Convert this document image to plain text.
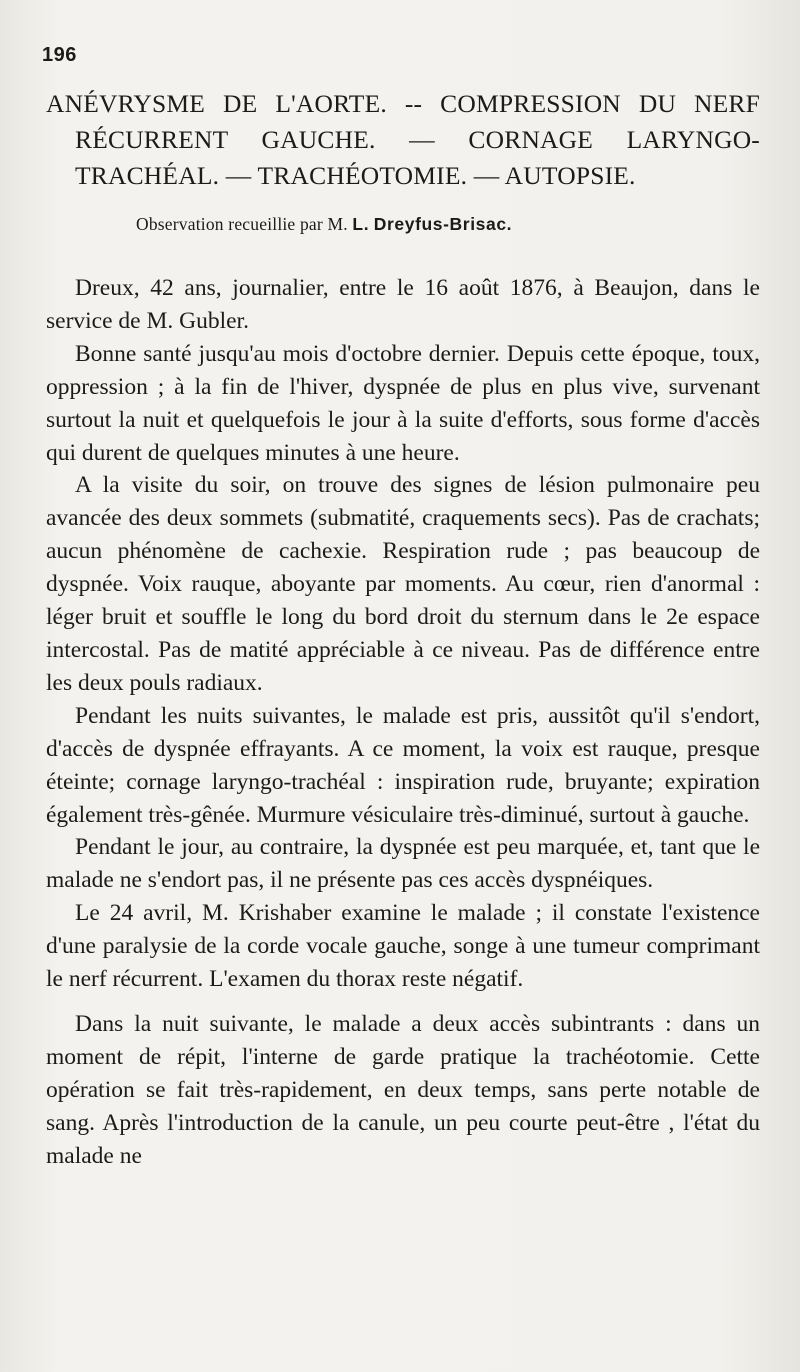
196
ANÉVRYSME DE L'AORTE. -- COMPRESSION DU NERF
RÉCURRENT GAUCHE. — CORNAGE LARYNGO-
TRACHÉAL. — TRACHÉOTOMIE. — AUTOPSIE.
Observation recueillie par M. L. Dreyfus-Brisac.

Dreux, 42 ans, journalier, entre le 16 août 1876, à Beaujon, dans le service de M. Gubler.

Bonne santé jusqu'au mois d'octobre dernier. Depuis cette époque, toux, oppression ; à la fin de l'hiver, dyspnée de plus en plus vive, survenant surtout la nuit et quelquefois le jour à la suite d'efforts, sous forme d'accès qui durent de quelques minutes à une heure.

A la visite du soir, on trouve des signes de lésion pulmonaire peu avancée des deux sommets (submatité, craquements secs). Pas de crachats; aucun phénomène de cachexie. Respiration rude ; pas beaucoup de dyspnée. Voix rauque, aboyante par moments. Au cœur, rien d'anormal : léger bruit et souffle le long du bord droit du sternum dans le 2e espace intercostal. Pas de matité appréciable à ce niveau. Pas de différence entre les deux pouls radiaux.

Pendant les nuits suivantes, le malade est pris, aussitôt qu'il s'endort, d'accès de dyspnée effrayants. A ce moment, la voix est rauque, presque éteinte; cornage laryngo-trachéal : inspiration rude, bruyante; expiration également très-gênée. Murmure vésiculaire très-diminué, surtout à gauche.

Pendant le jour, au contraire, la dyspnée est peu marquée, et, tant que le malade ne s'endort pas, il ne présente pas ces accès dyspnéiques.

Le 24 avril, M. Krishaber examine le malade ; il constate l'existence d'une paralysie de la corde vocale gauche, songe à une tumeur comprimant le nerf récurrent. L'examen du thorax reste négatif.

Dans la nuit suivante, le malade a deux accès subintrants : dans un moment de répit, l'interne de garde pratique la trachéotomie. Cette opération se fait très-rapidement, en deux temps, sans perte notable de sang. Après l'introduction de la canule, un peu courte peut-être , l'état du malade ne
